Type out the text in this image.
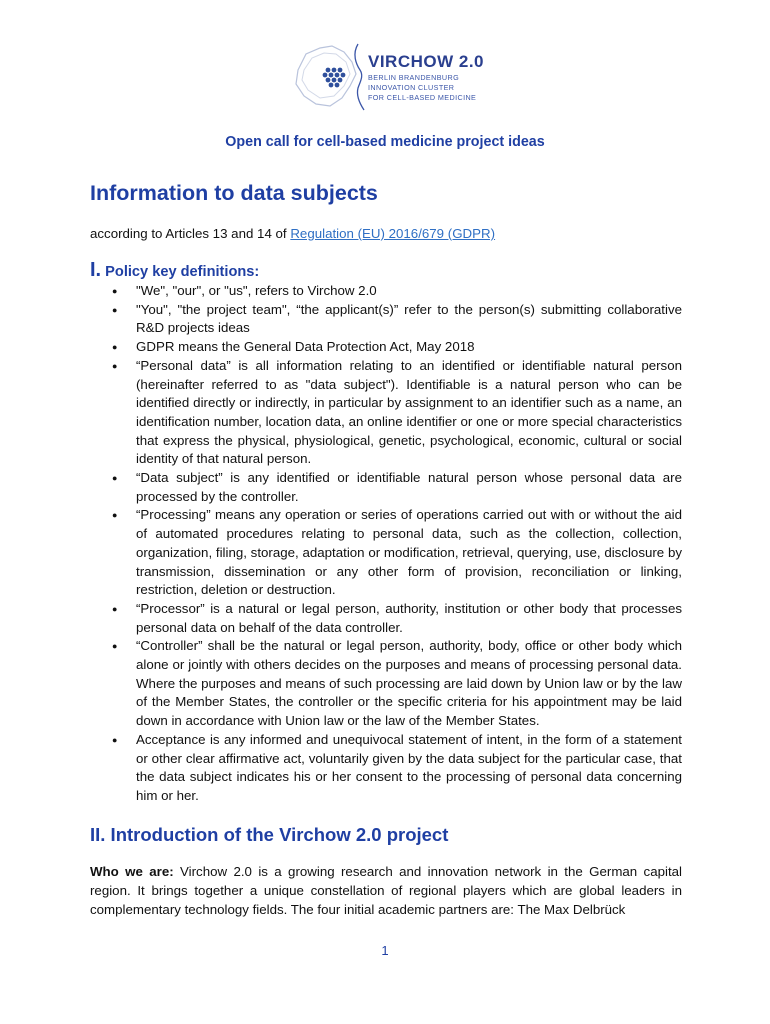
VIRCHOW 2.0
BERLIN BRANDENBURG
INNOVATION CLUSTER
FOR CELL-BASED MEDICINE
Open call for cell-based medicine project ideas
Information to data subjects
according to Articles 13 and 14 of Regulation (EU) 2016/679 (GDPR)
I. Policy key definitions:
● "We", "our", or "us", refers to Virchow 2.0
● "You", "the project team", “the applicant(s)” refer to the person(s) submitting collaborative R&D projects ideas
● GDPR means the General Data Protection Act, May 2018
● “Personal data” is all information relating to an identified or identifiable natural person (hereinafter referred to as "data subject"). Identifiable is a natural person who can be identified directly or indirectly, in particular by assignment to an identifier such as a name, an identification number, location data, an online identifier or one or more special characteristics that express the physical, physiological, genetic, psychological, economic, cultural or social identity of that natural person.
● “Data subject” is any identified or identifiable natural person whose personal data are processed by the controller.
● “Processing” means any operation or series of operations carried out with or without the aid of automated procedures relating to personal data, such as the collection, collection, organization, filing, storage, adaptation or modification, retrieval, querying, use, disclosure by transmission, dissemination or any other form of provision, reconciliation or linking, restriction, deletion or destruction.
● “Processor” is a natural or legal person, authority, institution or other body that processes personal data on behalf of the data controller.
● “Controller” shall be the natural or legal person, authority, body, office or other body which alone or jointly with others decides on the purposes and means of processing personal data. Where the purposes and means of such processing are laid down by Union law or by the law of the Member States, the controller or the specific criteria for his appointment may be laid down in accordance with Union law or the law of the Member States.
● Acceptance is any informed and unequivocal statement of intent, in the form of a statement or other clear affirmative act, voluntarily given by the data subject for the particular case, that the data subject indicates his or her consent to the processing of personal data concerning him or her.
II. Introduction of the Virchow 2.0 project
Who we are: Virchow 2.0 is a growing research and innovation network in the German capital region. It brings together a unique constellation of regional players which are global leaders in complementary technology fields. The four initial academic partners are: The Max Delbrück
1
